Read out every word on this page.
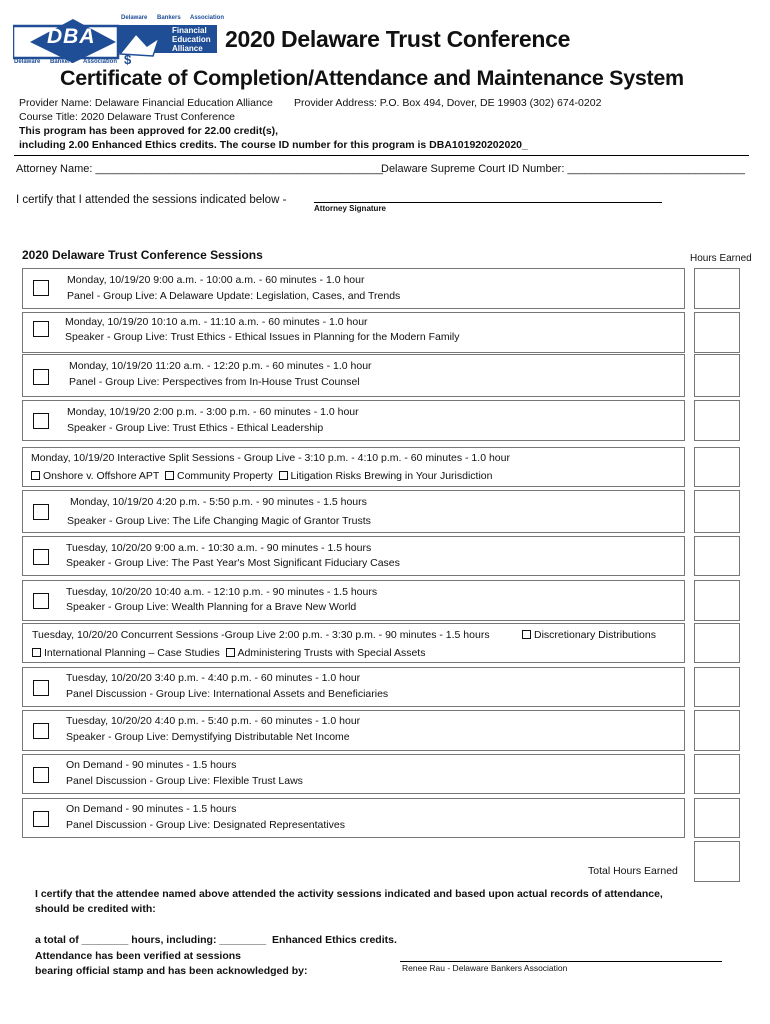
DBA
Delaware Bankers Association
Delaware Bankers Association
Financial
Education
Alliance
$
2020 Delaware Trust Conference
Certificate of Completion/Attendance and Maintenance System
Provider Name: Delaware Financial Education Alliance Provider Address: P.O. Box 494, Dover, DE 19903 (302) 674-0202
Course Title: 2020 Delaware Trust Conference
This program has been approved for 22.00 credit(s),
including 2.00 Enhanced Ethics credits. The course ID number for this program is DBA101920202020_
Attorney Name: _______________________________________________
Delaware Supreme Court ID Number: _____________________________
I certify that I attended the sessions indicated below -
Attorney Signature
2020 Delaware Trust Conference Sessions	Hours Earned
Monday, 10/19/20 9:00 a.m. - 10:00 a.m. - 60 minutes - 1.0 hour
Panel - Group Live: A Delaware Update: Legislation, Cases, and Trends
Monday, 10/19/20 10:10 a.m. - 11:10 a.m. - 60 minutes - 1.0 hour
Speaker - Group Live: Trust Ethics - Ethical Issues in Planning for the Modern Family
Monday, 10/19/20 11:20 a.m. - 12:20 p.m. - 60 minutes - 1.0 hour
Panel - Group Live: Perspectives from In-House Trust Counsel
Monday, 10/19/20 2:00 p.m. - 3:00 p.m. - 60 minutes - 1.0 hour
Speaker - Group Live: Trust Ethics - Ethical Leadership
Monday, 10/19/20 Interactive Split Sessions - Group Live - 3:10 p.m. - 4:10 p.m. - 60 minutes - 1.0 hour
Onshore v. Offshore APT Community Property Litigation Risks Brewing in Your Jurisdiction
Monday, 10/19/20 4:20 p.m. - 5:50 p.m. - 90 minutes - 1.5 hours
Speaker - Group Live: The Life Changing Magic of Grantor Trusts
Tuesday, 10/20/20 9:00 a.m. - 10:30 a.m. - 90 minutes - 1.5 hours
Speaker - Group Live: The Past Year's Most Significant Fiduciary Cases
Tuesday, 10/20/20 10:40 a.m. - 12:10 p.m. - 90 minutes - 1.5 hours
Speaker - Group Live: Wealth Planning for a Brave New World
Tuesday, 10/20/20 Concurrent Sessions -Group Live 2:00 p.m. - 3:30 p.m. - 90 minutes - 1.5 hours	Discretionary Distributions
International Planning – Case Studies Administering Trusts with Special Assets
Tuesday, 10/20/20 3:40 p.m. - 4:40 p.m. - 60 minutes - 1.0 hour
Panel Discussion - Group Live: International Assets and Beneficiaries
Tuesday, 10/20/20 4:40 p.m. - 5:40 p.m. - 60 minutes - 1.0 hour
Speaker - Group Live: Demystifying Distributable Net Income
On Demand - 90 minutes - 1.5 hours
Panel Discussion - Group Live: Flexible Trust Laws
On Demand - 90 minutes - 1.5 hours
Panel Discussion - Group Live: Designated Representatives
Total Hours Earned
I certify that the attendee named above attended the activity sessions indicated and based upon actual records of attendance,
should be credited with:
a total of ________ hours, including: ________ Enhanced Ethics credits.
Attendance has been verified at sessions
bearing official stamp and has been acknowledged by:	Renee Rau - Delaware Bankers Association
